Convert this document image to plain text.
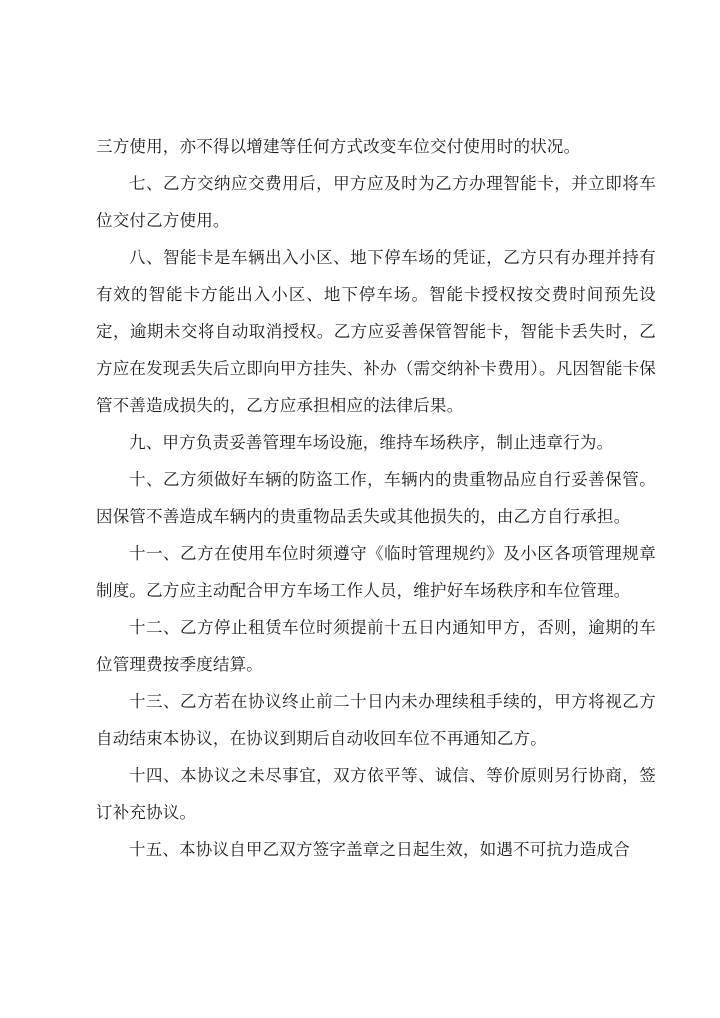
三方使用，亦不得以增建等任何方式改变车位交付使用时的状况。

七、乙方交纳应交费用后，甲方应及时为乙方办理智能卡，并立即将车位交付乙方使用。

八、智能卡是车辆出入小区、地下停车场的凭证，乙方只有办理并持有有效的智能卡方能出入小区、地下停车场。智能卡授权按交费时间预先设定，逾期未交将自动取消授权。乙方应妥善保管智能卡，智能卡丢失时，乙方应在发现丢失后立即向甲方挂失、补办（需交纳补卡费用）。凡因智能卡保管不善造成损失的，乙方应承担相应的法律后果。

九、甲方负责妥善管理车场设施，维持车场秩序，制止违章行为。

十、乙方须做好车辆的防盗工作，车辆内的贵重物品应自行妥善保管。因保管不善造成车辆内的贵重物品丢失或其他损失的，由乙方自行承担。

十一、乙方在使用车位时须遵守《临时管理规约》及小区各项管理规章制度。乙方应主动配合甲方车场工作人员，维护好车场秩序和车位管理。

十二、乙方停止租赁车位时须提前十五日内通知甲方，否则，逾期的车位管理费按季度结算。

十三、乙方若在协议终止前二十日内未办理续租手续的，甲方将视乙方自动结束本协议，在协议到期后自动收回车位不再通知乙方。

十四、本协议之未尽事宜，双方依平等、诚信、等价原则另行协商，签订补充协议。

十五、本协议自甲乙双方签字盖章之日起生效，如遇不可抗力造成合
